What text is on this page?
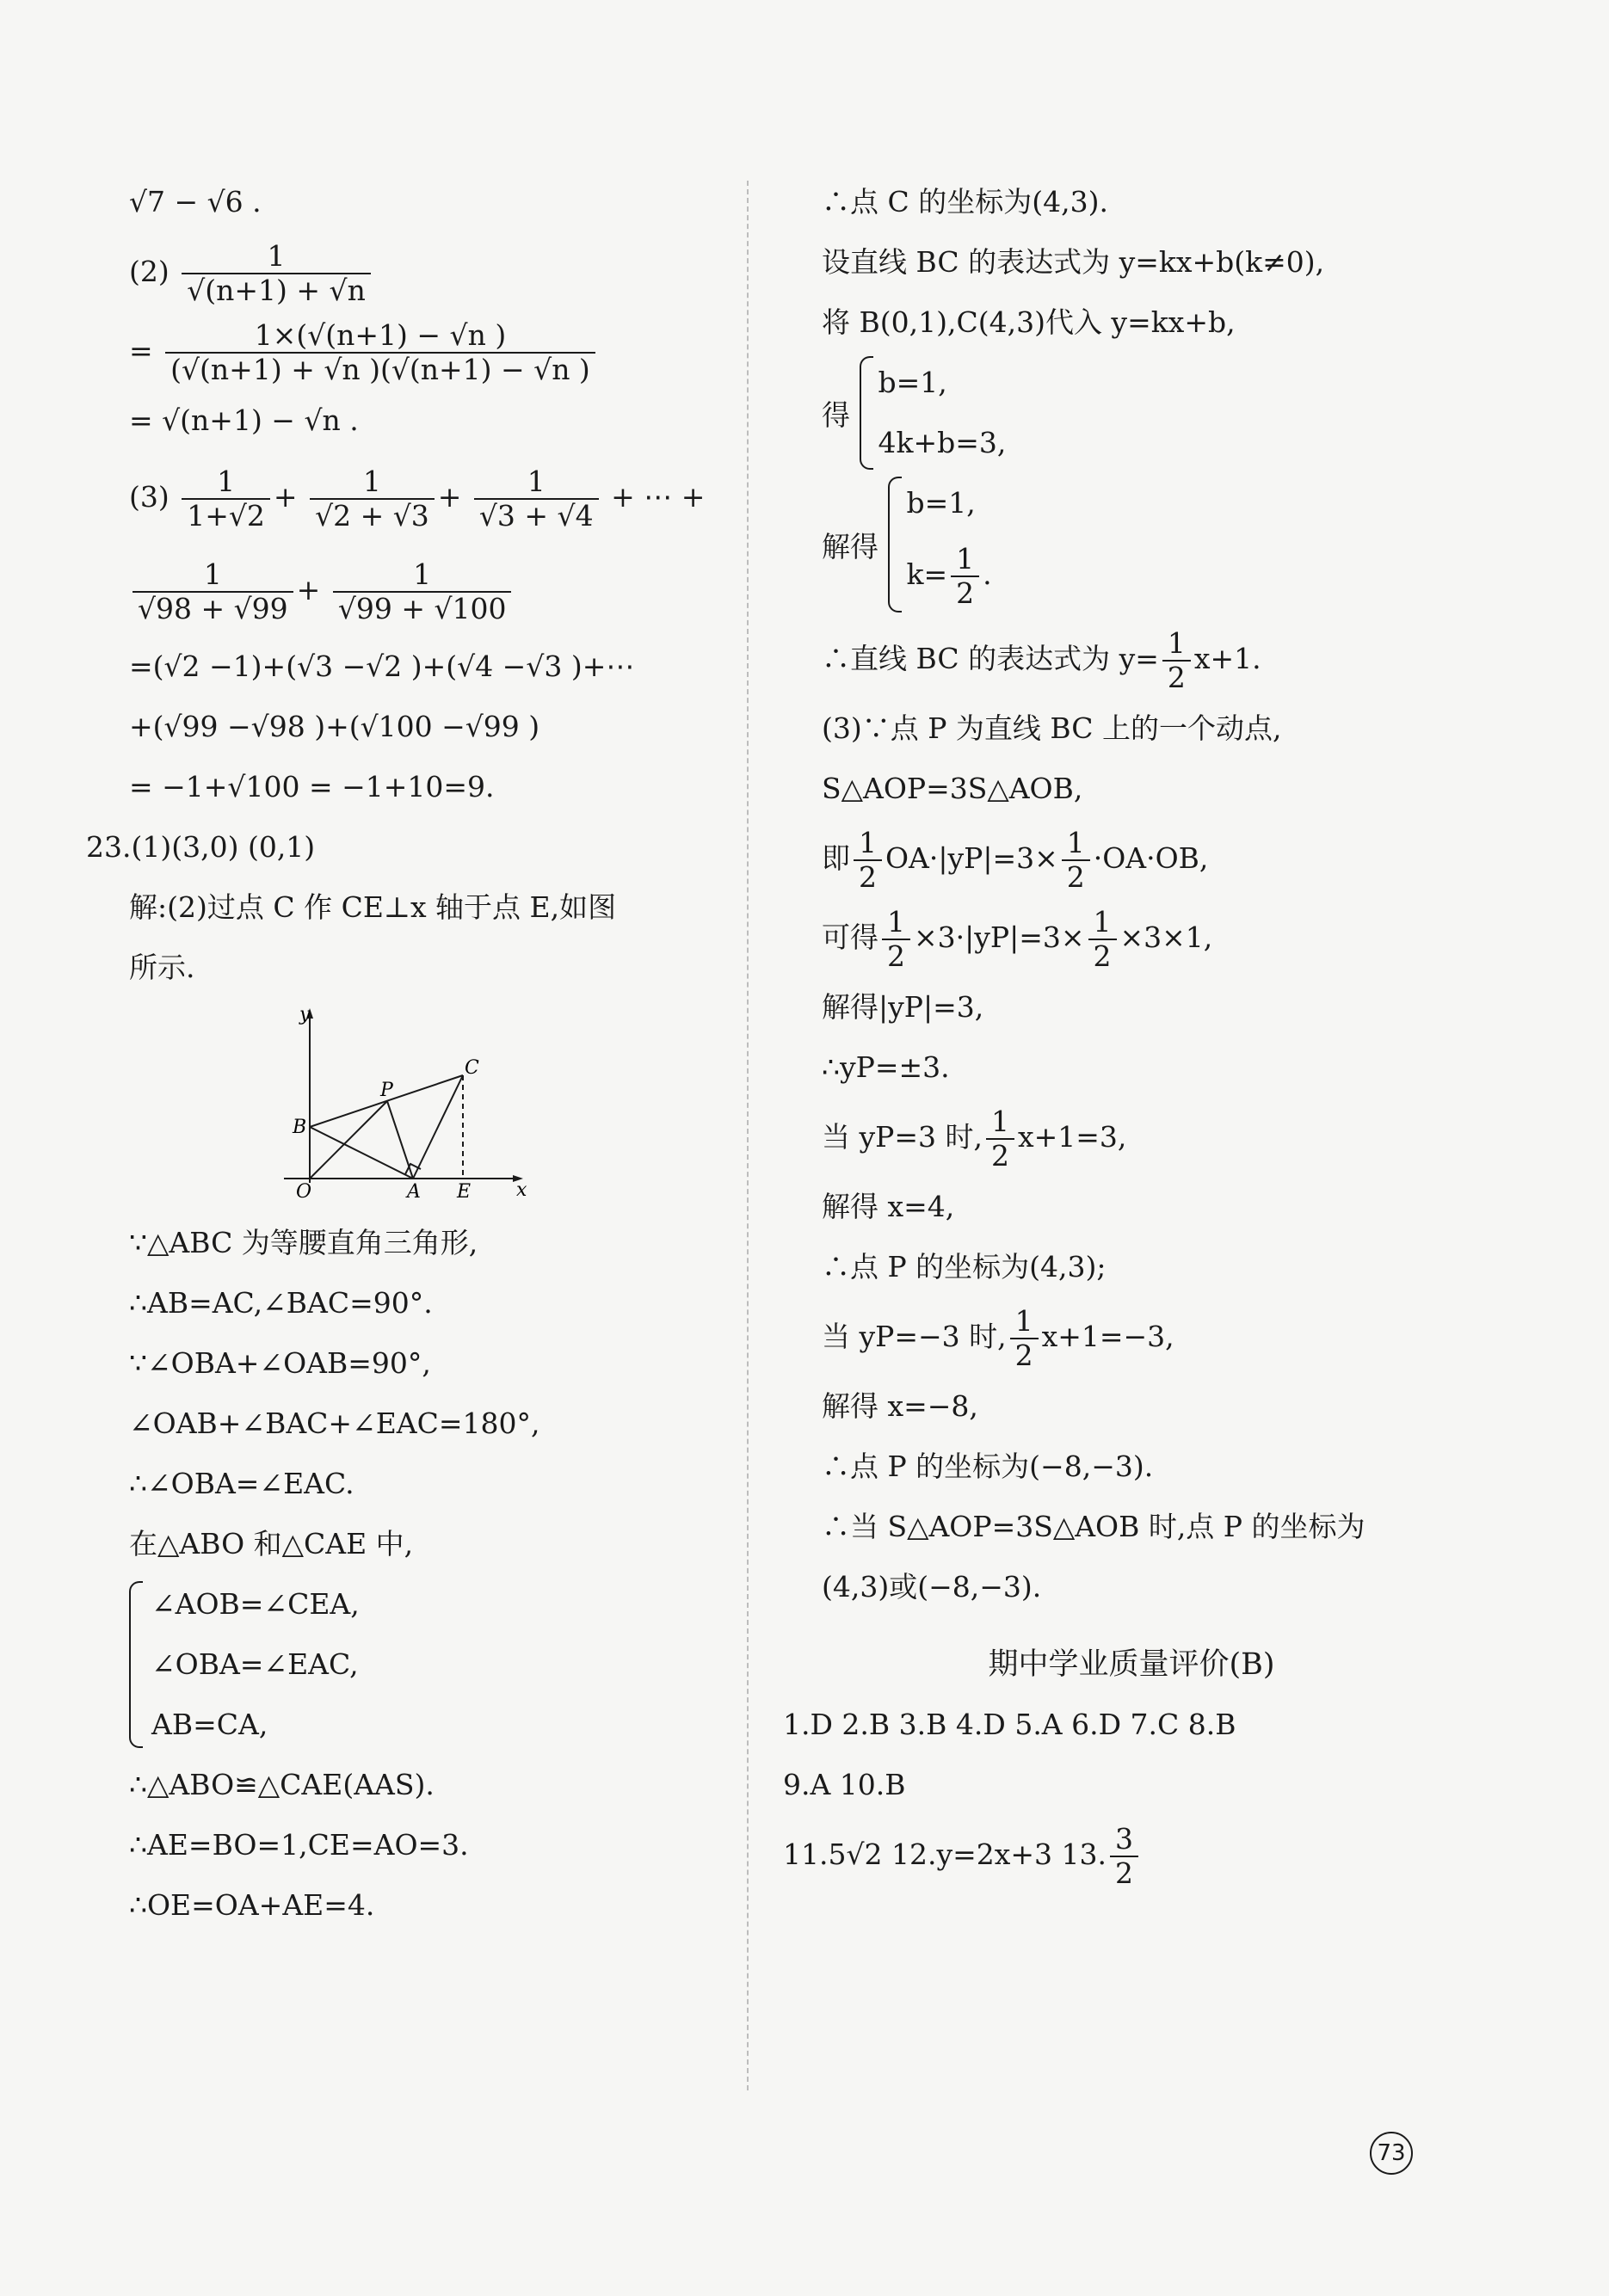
√7 − √6 .
$(2) \frac{1}{√(n+1) + √n}$
= $\frac{1\times(√(n+1) - √n )}{(√(n+1) + √n )(√(n+1) - √n )}$
= √(n+1) − √n .
$(3) \frac{1}{1+√2} + \frac{1}{√2 + √3} + \frac{1}{√3 + √4}$ + ⋯ +
$\frac{1}{√98 + √99} + \frac{1}{√99 + √100}$
=(√2 −1)+(√3 −√2 )+(√4 −√3 )+⋯
+(√99 −√98 )+(√100 −√99 )
= −1+√100 = −1+10=9.
23.(1)(3,0) (0,1)
解:(2)过点 C 作 CE⊥x 轴于点 E,如图
所示.
y
x
B
P
C
O	A E
∵△ABC 为等腰直角三角形,
∴AB=AC,∠BAC=90°.
∵∠OBA+∠OAB=90°,
∠OAB+∠BAC+∠EAC=180°,
∴∠OBA=∠EAC.
在△ABO 和△CAE 中,
∠AOB=∠CEA,
∠OBA=∠EAC,
AB=CA,
∴△ABO≌△CAE(AAS).
∴AE=BO=1,CE=AO=3.
∴OE=OA+AE=4.
∴点 C 的坐标为(4,3).
设直线 BC 的表达式为 y=kx+b(k≠0),
将 B(0,1),C(4,3)代入 y=kx+b,
得
b=1,
4k+b=3,
解得
b=1,
$k= \frac{1}{2}$ .
∴直线 BC 的表达式为 $y= \frac{1}{2} x+1$.
(3)∵点 P 为直线 BC 上的一个动点,
S△AOP=3S△AOB,
即 $\frac{1}{2} OA\cdot|yP|=3\times \frac{1}{2} \cdot OA\cdot OB$,
可得 $\frac{1}{2} \times 3\cdot|yP|=3\times \frac{1}{2} \times 3\times 1$,
解得|yP|=3,
∴yP=±3.
当 yP=3 时, $\frac{1}{2} x+1=3$,
解得 x=4,
∴点 P 的坐标为(4,3);
当 yP=−3 时, $\frac{1}{2} x+1=-3$,
解得 x=−8,
∴点 P 的坐标为(−8,−3).
∴当 S△AOP=3S△AOB 时,点 P 的坐标为
(4,3)或(−8,−3).
期中学业质量评价(B)
1.D 2.B 3.B 4.D 5.A 6.D 7.C 8.B
9.A 10.B
11.5√2 12.y=2x+3 13. $\frac{3}{2}$
73
